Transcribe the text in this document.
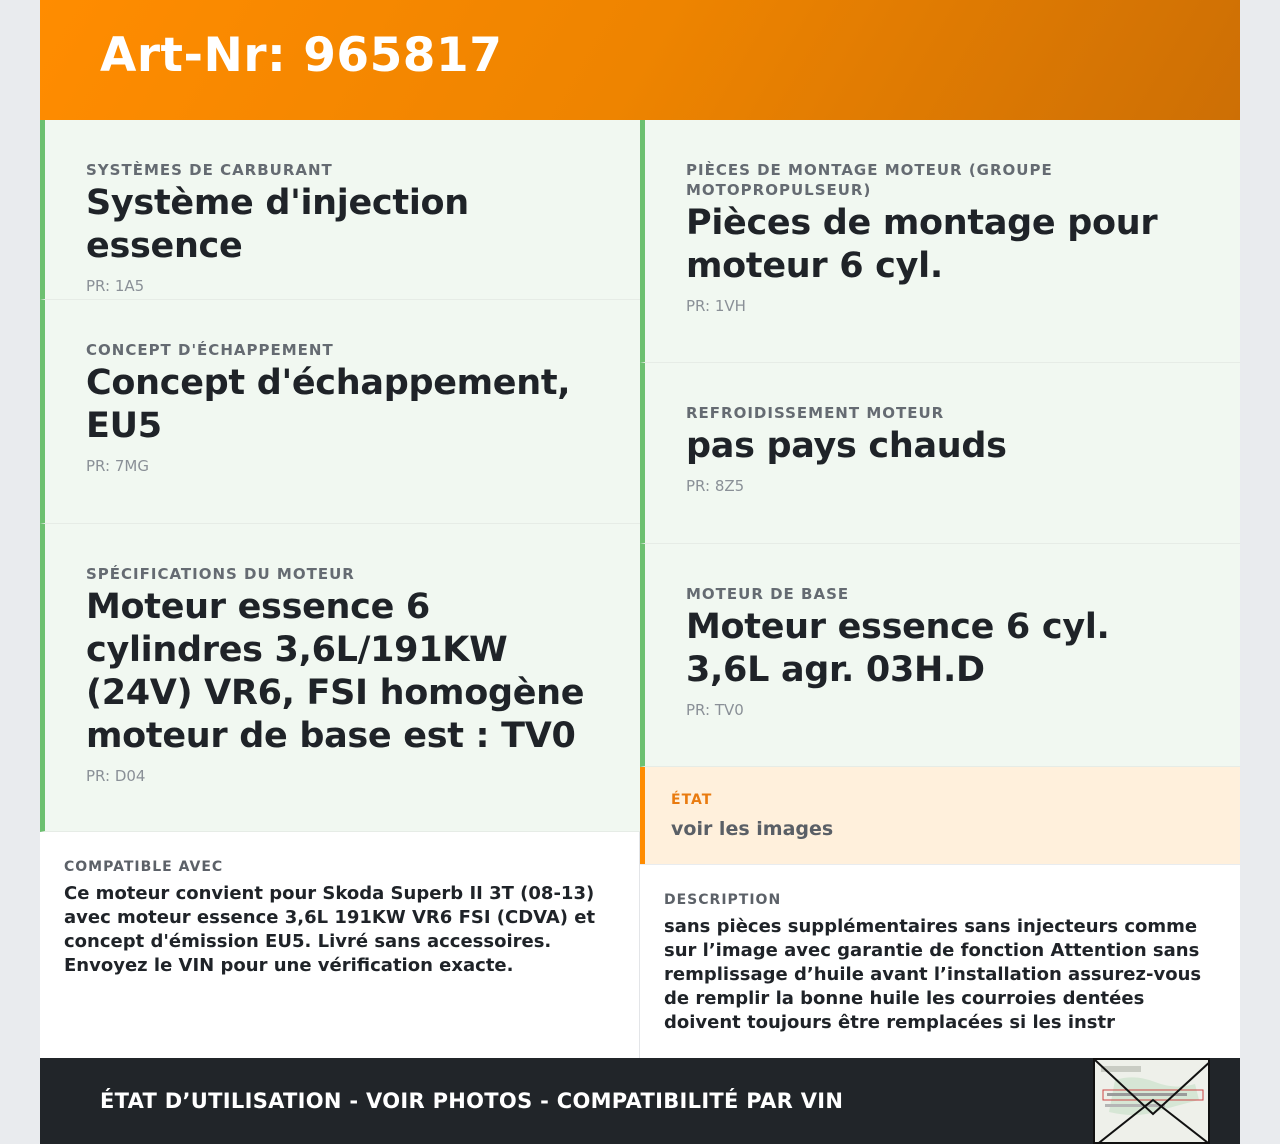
Art-Nr: 965817
SYSTÈMES DE CARBURANT
Système d'injection essence
PR: 1A5
CONCEPT D'ÉCHAPPEMENT
Concept d'échappement, EU5
PR: 7MG
SPÉCIFICATIONS DU MOTEUR
Moteur essence 6 cylindres 3,6L/191KW (24V) VR6, FSI homogène moteur de base est : TV0
PR: D04
COMPATIBLE AVEC
Ce moteur convient pour Skoda Superb II 3T (08-13) avec moteur essence 3,6L 191KW VR6 FSI (CDVA) et concept d'émission EU5. Livré sans accessoires. Envoyez le VIN pour une vérification exacte.
PIÈCES DE MONTAGE MOTEUR (GROUPE MOTOPROPULSEUR)
Pièces de montage pour moteur 6 cyl.
PR: 1VH
REFROIDISSEMENT MOTEUR
pas pays chauds
PR: 8Z5
MOTEUR DE BASE
Moteur essence 6 cyl. 3,6L agr. 03H.D
PR: TV0
ÉTAT
voir les images
DESCRIPTION
sans pièces supplémentaires sans injecteurs comme sur l’image avec garantie de fonction Attention sans remplissage d’huile avant l’installation assurez-vous de remplir la bonne huile les courroies dentées doivent toujours être remplacées si les instr
ÉTAT D’UTILISATION - VOIR PHOTOS - COMPATIBILITÉ PAR VIN
